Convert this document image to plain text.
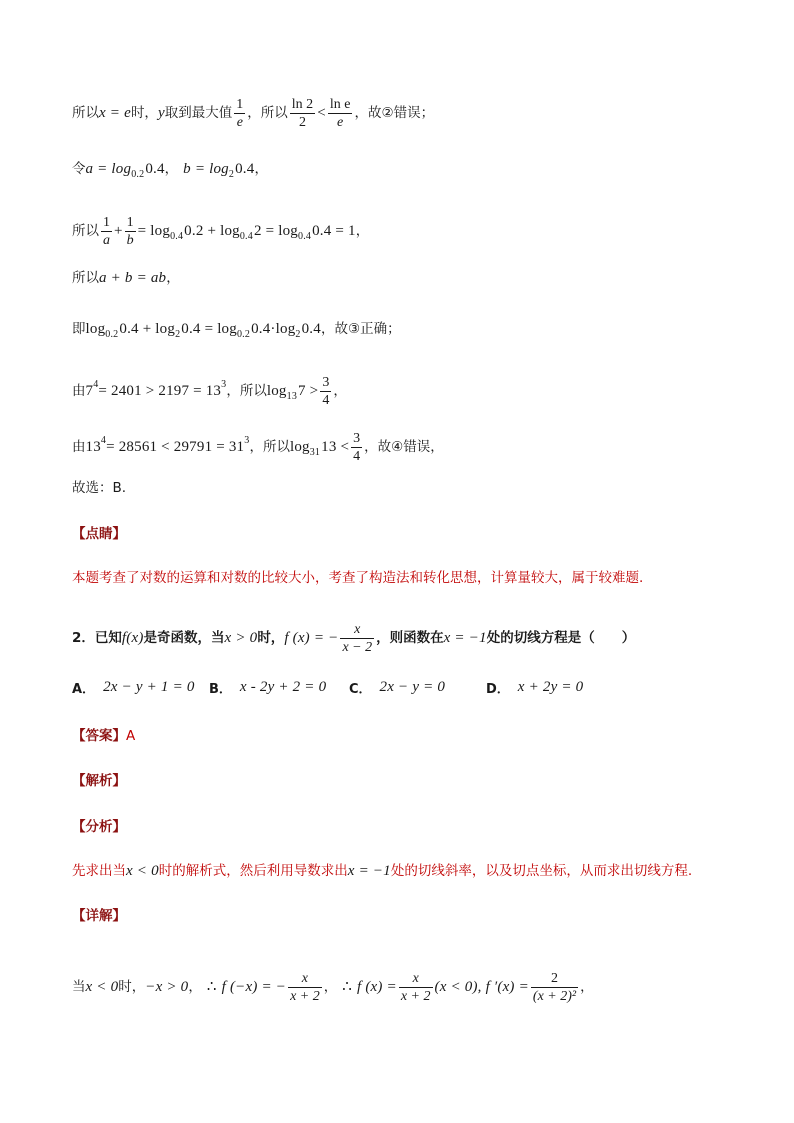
所以 x = e 时， y 取到最大值 $\frac{1}{e}$ ，所以 $\frac{\ln 2}{2} < \frac{\text{ln e}}{e}$ ，故 ② 错误；
令 a = log 0.2 0.4 ， b = log 2 0.4 ，
所以 $\frac{1}{a} + \frac{1}{b} = \log 0.4$ 0.2 + log 0.4 2 = log 0.4 0.4 = 1 ，
所以 a + b = ab ，
即 log 0.2 0.4 + log 2 0.4 = log 0.2 0.4·log 2 0.4 ，故 ③ 正确；
由 7 4 = 2401 > 2197 = 13 3 ，所以 log 13 $7 > \frac{3}{4}$ ，
由 13 4 = 28561 < 29791 = 31 3 ，所以 log 31 $13 < \frac{3}{4}$ ，故 ④ 错误，
故选：B.
【点睛】
本题考查了对数的运算和对数的比较大小，考查了构造法和转化思想，计算量较大，属于较难题.
2．已知 f(x) 是奇函数，当 x > 0 时， f (x) = − $\frac{x}{x - 2}$ ，则函数在 x = −1 处的切线方程是（　　）
A． 2x − y + 1 = 0 B． x - 2y + 2 = 0 C． 2x − y = 0	D． x + 2y = 0
【答案】 A
【解析】
【分析】
先求出当 x < 0 时的解析式，然后利用导数求出 x = −1 处的切线斜率，以及切点坐标，从而求出切线方程.
【详解】
当 x < 0 时， −x > 0 ， ∴ f (−x) = − $\frac{x}{x + 2}$ ， ∴ f $(x) = \frac{x}{x + 2} (x < 0)$, f $'(x) = \frac{2}{\text{(x + 2)²}}$ ，
